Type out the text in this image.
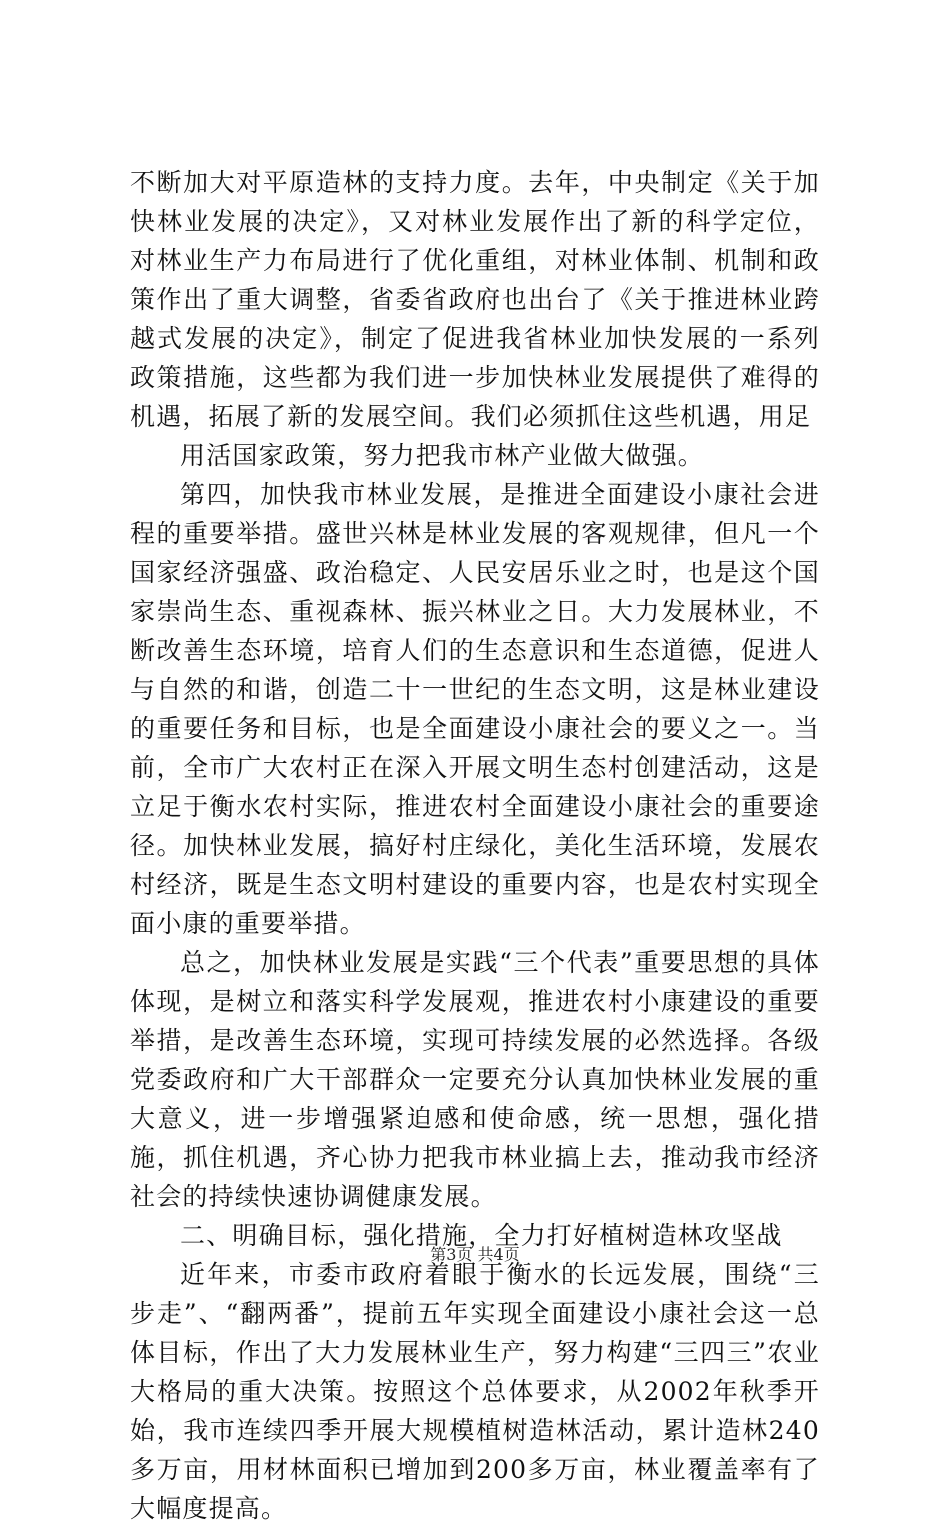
不断加大对平原造林的支持力度。去年，中央制定《关于加快林业发展的决定》，又对林业发展作出了新的科学定位，对林业生产力布局进行了优化重组，对林业体制、机制和政策作出了重大调整，省委省政府也出台了《关于推进林业跨越式发展的决定》，制定了促进我省林业加快发展的一系列政策措施，这些都为我们进一步加快林业发展提供了难得的机遇，拓展了新的发展空间。我们必须抓住这些机遇，用足

用活国家政策，努力把我市林产业做大做强。

第四，加快我市林业发展，是推进全面建设小康社会进程的重要举措。盛世兴林是林业发展的客观规律，但凡一个国家经济强盛、政治稳定、人民安居乐业之时，也是这个国家崇尚生态、重视森林、振兴林业之日。大力发展林业，不断改善生态环境，培育人们的生态意识和生态道德，促进人与自然的和谐，创造二十一世纪的生态文明，这是林业建设的重要任务和目标，也是全面建设小康社会的要义之一。当前，全市广大农村正在深入开展文明生态村创建活动，这是立足于衡水农村实际，推进农村全面建设小康社会的重要途径。加快林业发展，搞好村庄绿化，美化生活环境，发展农村经济，既是生态文明村建设的重要内容，也是农村实现全面小康的重要举措。

总之，加快林业发展是实践“三个代表”重要思想的具体体现，是树立和落实科学发展观，推进农村小康建设的重要举措，是改善生态环境，实现可持续发展的必然选择。各级党委政府和广大干部群众一定要充分认真加快林业发展的重大意义，进一步增强紧迫感和使命感，统一思想，强化措施，抓住机遇，齐心协力把我市林业搞上去，推动我市经济社会的持续快速协调健康发展。

二、明确目标，强化措施，全力打好植树造林攻坚战

近年来，市委市政府着眼于衡水的长远发展，围绕“三步走”、“翻两番”，提前五年实现全面建设小康社会这一总体目标，作出了大力发展林业生产，努力构建“三四三”农业大格局的重大决策。按照这个总体要求，从2002年秋季开始，我市连续四季开展大规模植树造林活动，累计造林240多万亩，用材林面积已增加到200多万亩，林业覆盖率有了大幅度提高。

第3页 共4页
